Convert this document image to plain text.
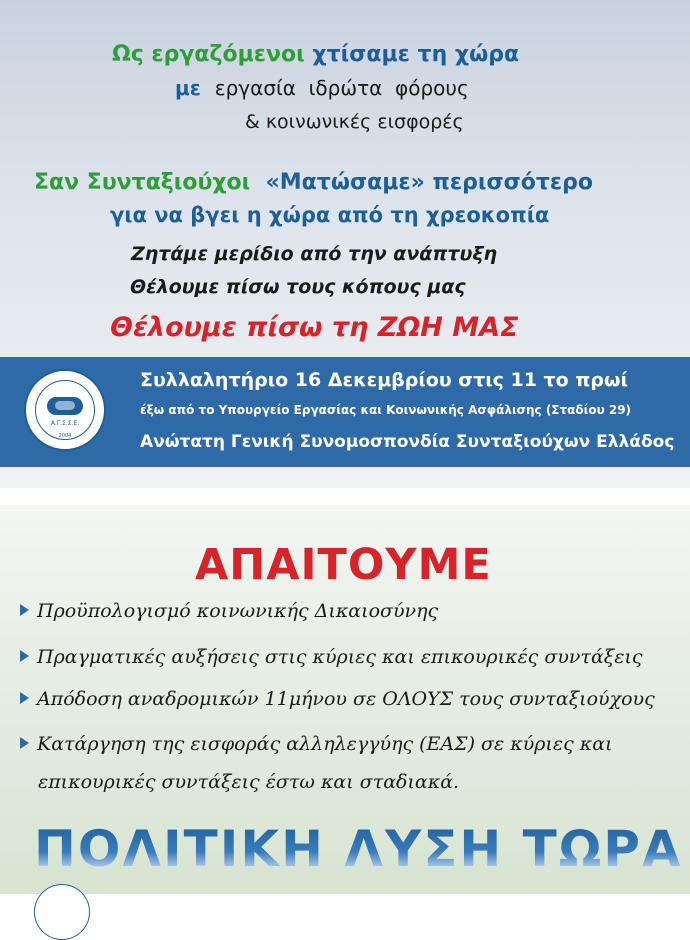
Ως εργαζόμενοι χτίσαμε τη χώρα
με εργασία  ιδρώτα  φόρους
& κοινωνικές εισφορές
Σαν Συνταξιούχοι «Ματώσαμε» περισσότερο
για να βγει η χώρα από τη χρεοκοπία
Ζητάμε μερίδιο από την ανάπτυξη
Θέλουμε πίσω τους κόπους μας
Θέλουμε πίσω τη ΖΩΗ ΜΑΣ
Α.Γ.Σ.Σ.Ε.
2004
Συλλαλητήριο 16 Δεκεμβρίου στις 11 το πρωί
έξω από το Υπουργείο Εργασίας και Κοινωνικής Ασφάλισης (Σταδίου 29)
Ανώτατη Γενική Συνομοσπονδία Συνταξιούχων Ελλάδος
ΑΠΑΙΤΟΥΜΕ
Προϋπολογισμό κοινωνικής Δικαιοσύνης
Πραγματικές αυξήσεις στις κύριες και επικουρικές συντάξεις
Απόδοση αναδρομικών 11μήνου σε ΟΛΟΥΣ τους συνταξιούχους
Κατάργηση της εισφοράς αλληλεγγύης (ΕΑΣ) σε κύριες και
επικουρικές συντάξεις έστω και σταδιακά.
ΠΟΛΙΤΙΚΗ ΛΥΣΗ ΤΩΡΑ
